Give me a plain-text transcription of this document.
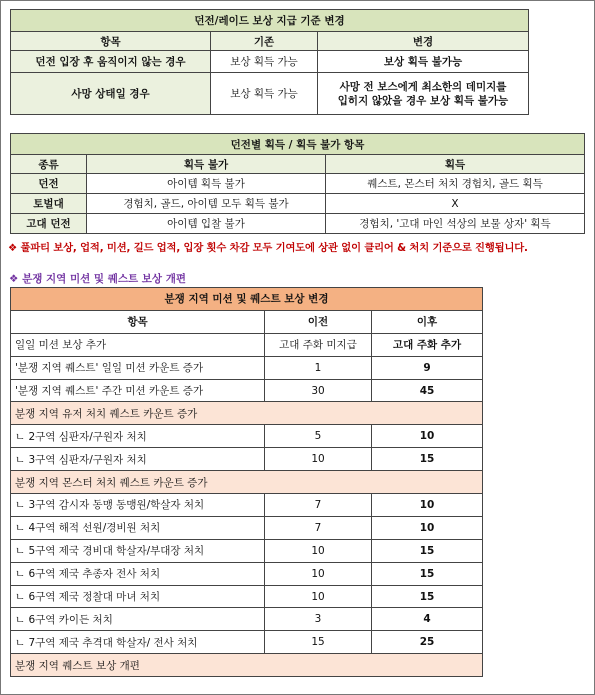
던전/레이드 보상 지급 기준 변경		
항목	기존	변경
던전 입장 후 움직이지 않는 경우	보상 획득 가능	보상 획득 불가능
사망 상태일 경우	보상 획득 가능	사망 전 보스에게 최소한의 데미지를
입히지 않았을 경우 보상 획득 불가능
던전별 획득 / 획득 불가 항목		
종류	획득 불가	획득
던전	아이템 획득 불가	퀘스트, 몬스터 처치 경험치, 골드 획득
토벌대	경험치, 골드, 아이템 모두 획득 불가	X
고대 던전	아이템 입찰 불가	경험치, '고대 마인 석상의 보물 상자' 획득
❖ 풀파티 보상, 업적, 미션, 길드 업적, 입장 횟수 차감 모두 기여도에 상관 없이 클리어 & 처치 기준으로 진행됩니다.
❖ 분쟁 지역 미션 및 퀘스트 보상 개편
분쟁 지역 미션 및 퀘스트 보상 변경		
항목	이전	이후
일일 미션 보상 추가	고대 주화 미지급	고대 주화 추가
'분쟁 지역 퀘스트' 일일 미션 카운트 증가	1	9
'분쟁 지역 퀘스트' 주간 미션 카운트 증가	30	45
분쟁 지역 유저 처치 퀘스트 카운트 증가		
ㄴ 2구역 심판자/구원자 처치	5	10
ㄴ 3구역 심판자/구원자 처치	10	15
분쟁 지역 몬스터 처치 퀘스트 카운트 증가		
ㄴ 3구역 감시자 동맹 동맹원/학살자 처치	7	10
ㄴ 4구역 해적 선원/경비원 처치	7	10
ㄴ 5구역 제국 경비대 학살자/부대장 처치	10	15
ㄴ 6구역 제국 추종자 전사 처치	10	15
ㄴ 6구역 제국 정찰대 마녀 처치	10	15
ㄴ 6구역 카이든 처치	3	4
ㄴ 7구역 제국 추격대 학살자/ 전사 처치	15	25
분쟁 지역 퀘스트 보상 개편		
